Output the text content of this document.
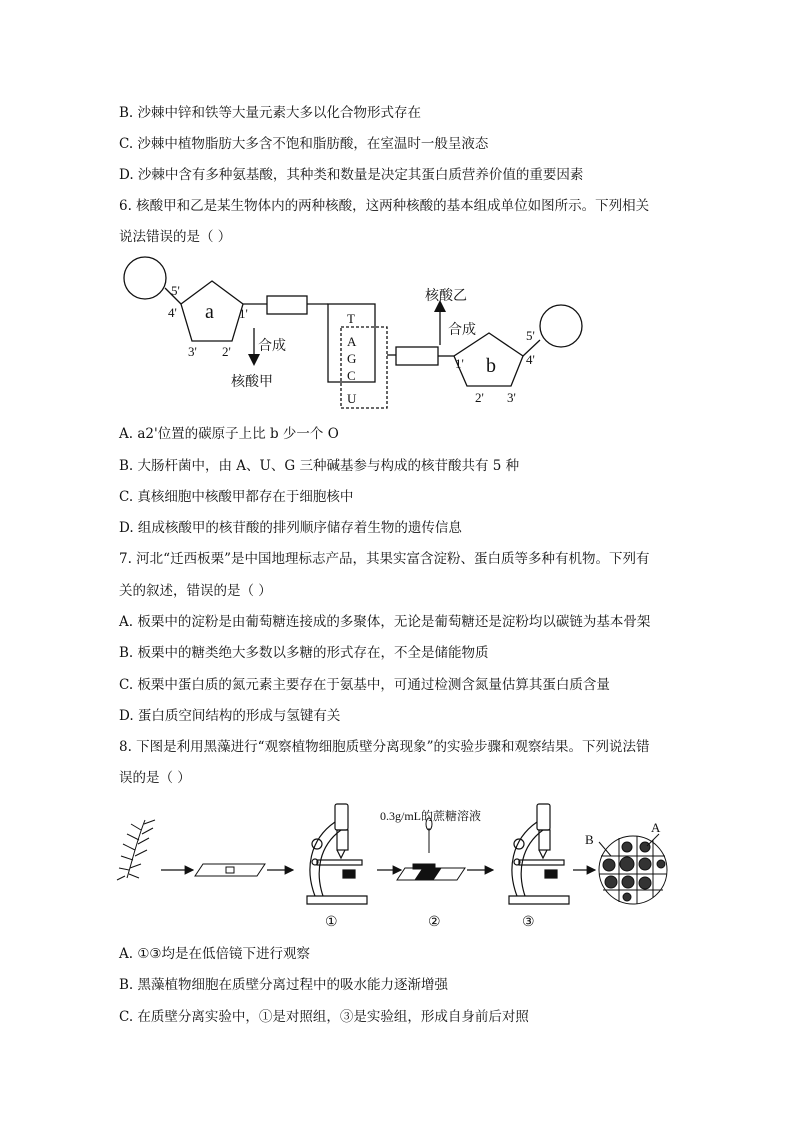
B. 沙棘中锌和铁等大量元素大多以化合物形式存在
C. 沙棘中植物脂肪大多含不饱和脂肪酸，在室温时一般呈液态
D. 沙棘中含有多种氨基酸，其种类和数量是决定其蛋白质营养价值的重要因素
6. 核酸甲和乙是某生物体内的两种核酸，这两种核酸的基本组成单位如图所示。下列相关
说法错误的是（ ）
a
b
5'
4'
3' 2'
1'
合成
核酸甲
核酸乙
合成
T
A
G
C
U
1'
5'
4'
2' 3'
A. a2'位置的碳原子上比 b 少一个 O
B. 大肠杆菌中，由 A、U、G 三种碱基参与构成的核苷酸共有 5 种
C. 真核细胞中核酸甲都存在于细胞核中
D. 组成核酸甲的核苷酸的排列顺序储存着生物的遗传信息
7. 河北“迁西板栗”是中国地理标志产品，其果实富含淀粉、蛋白质等多种有机物。下列有
关的叙述，错误的是（ ）
A. 板栗中的淀粉是由葡萄糖连接成的多聚体，无论是葡萄糖还是淀粉均以碳链为基本骨架
B. 板栗中的糖类绝大多数以多糖的形式存在，不全是储能物质
C. 板栗中蛋白质的氮元素主要存在于氨基中，可通过检测含氮量估算其蛋白质含量
D. 蛋白质空间结构的形成与氢键有关
8. 下图是利用黑藻进行“观察植物细胞质壁分离现象”的实验步骤和观察结果。下列说法错
误的是（ ）
0.3g/mL的蔗糖溶液
①	②	③
A
B
A. ①③均是在低倍镜下进行观察
B. 黑藻植物细胞在质壁分离过程中的吸水能力逐渐增强
C. 在质壁分离实验中，①是对照组，③是实验组，形成自身前后对照
